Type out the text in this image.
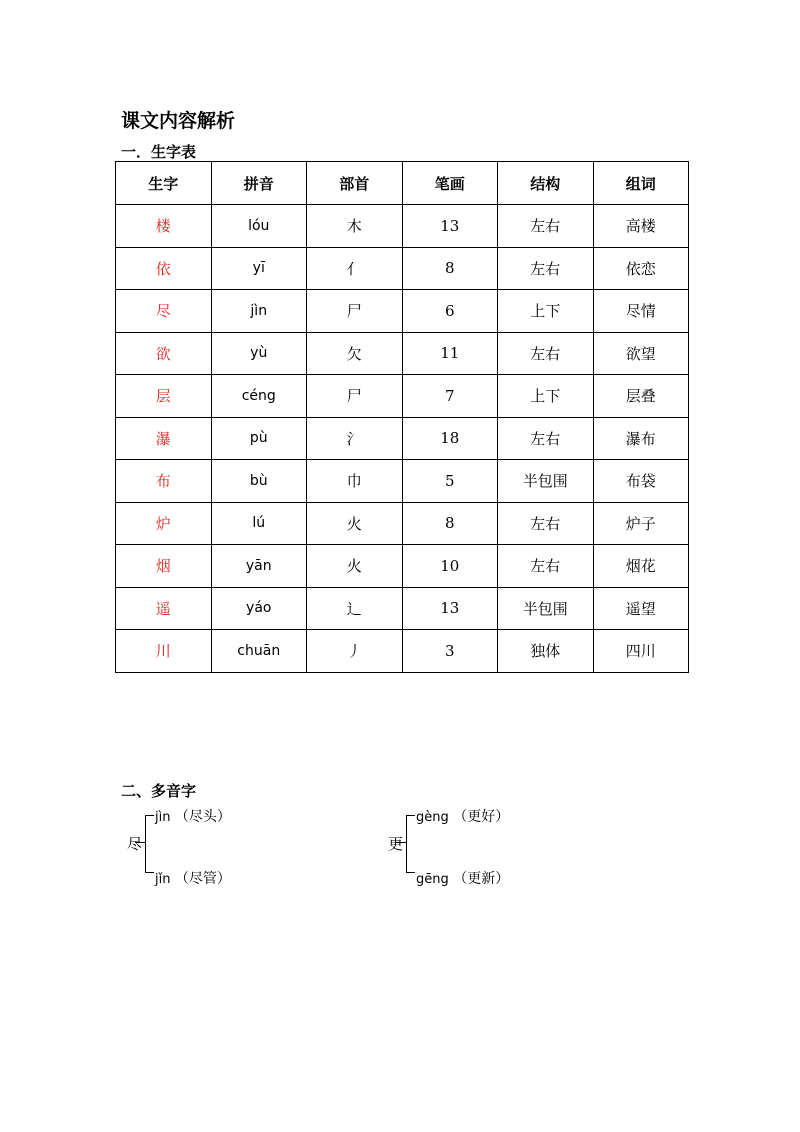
课文内容解析
一．生字表
生字	拼音	部首	笔画	结构	组词
楼	lóu	木	13	左右	高楼
依	yī	亻	8	左右	依恋
尽	jìn	尸	6	上下	尽情
欲	yù	欠	11	左右	欲望
层	céng	尸	7	上下	层叠
瀑	pù	氵	18	左右	瀑布
布	bù	巾	5	半包围	布袋
炉	lú	火	8	左右	炉子
烟	yān	火	10	左右	烟花
遥	yáo	辶	13	半包围	遥望
川	chuān	丿	3	独体	四川
二、多音字
尽
jìn （尽头）
jǐn （尽管）
更
gèng （更好）
gēng （更新）
